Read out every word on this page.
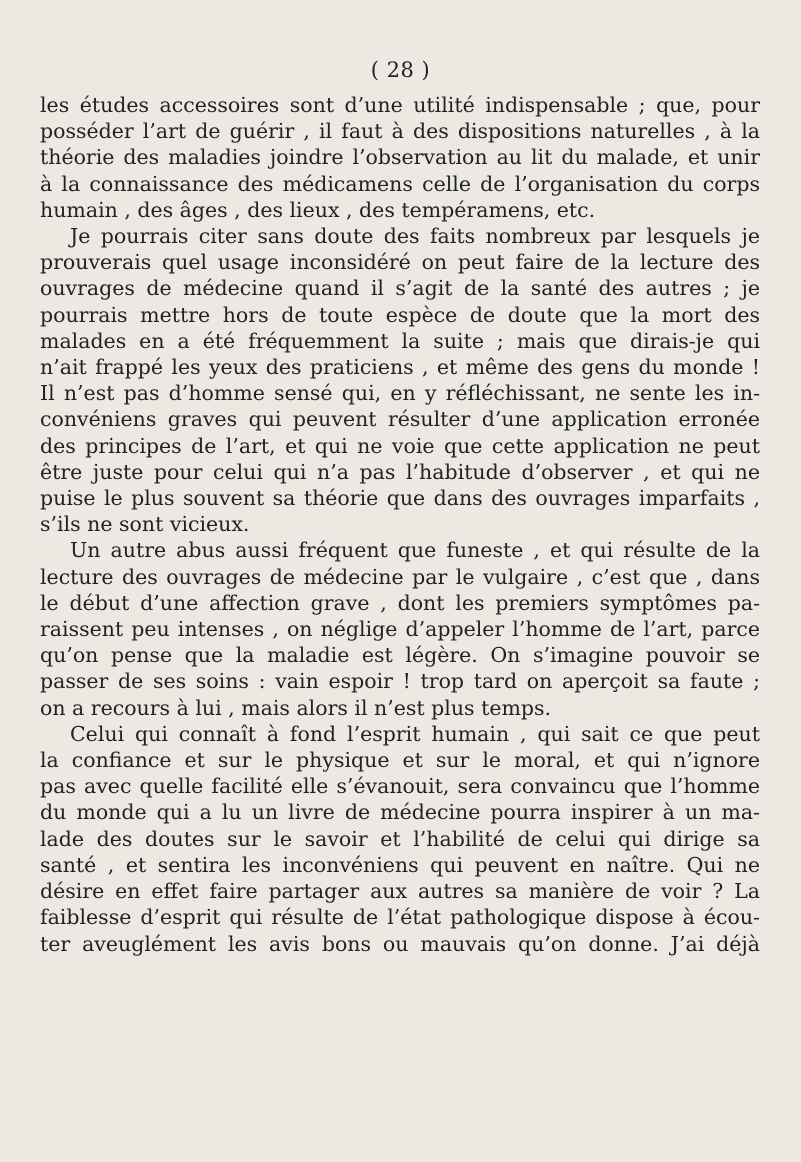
( 28 )
les études accessoires sont d’une utilité indispensable ; que, pour
posséder l’art de guérir , il faut à des dispositions naturelles , à la
théorie des maladies joindre l’observation au lit du malade, et unir
à la connaissance des médicamens celle de l’organisation du corps
humain , des âges , des lieux , des tempéramens, etc.
Je pourrais citer sans doute des faits nombreux par lesquels je
prouverais quel usage inconsidéré on peut faire de la lecture des
ouvrages de médecine quand il s’agit de la santé des autres ; je
pourrais mettre hors de toute espèce de doute que la mort des
malades en a été fréquemment la suite ; mais que dirais-je qui
n’ait frappé les yeux des praticiens , et même des gens du monde !
Il n’est pas d’homme sensé qui, en y réfléchissant, ne sente les in-
convéniens graves qui peuvent résulter d’une application erronée
des principes de l’art, et qui ne voie que cette application ne peut
être juste pour celui qui n’a pas l’habitude d’observer , et qui ne
puise le plus souvent sa théorie que dans des ouvrages imparfaits ,
s’ils ne sont vicieux.
Un autre abus aussi fréquent que funeste , et qui résulte de la
lecture des ouvrages de médecine par le vulgaire , c’est que , dans
le début d’une affection grave , dont les premiers symptômes pa-
raissent peu intenses , on néglige d’appeler l’homme de l’art, parce
qu’on pense que la maladie est légère. On s’imagine pouvoir se
passer de ses soins : vain espoir ! trop tard on aperçoit sa faute ;
on a recours à lui , mais alors il n’est plus temps.
Celui qui connaît à fond l’esprit humain , qui sait ce que peut
la confiance et sur le physique et sur le moral, et qui n’ignore
pas avec quelle facilité elle s’évanouit, sera convaincu que l’homme
du monde qui a lu un livre de médecine pourra inspirer à un ma-
lade des doutes sur le savoir et l’habilité de celui qui dirige sa
santé , et sentira les inconvéniens qui peuvent en naître. Qui ne
désire en effet faire partager aux autres sa manière de voir ? La
faiblesse d’esprit qui résulte de l’état pathologique dispose à écou-
ter aveuglément les avis bons ou mauvais qu’on donne. J’ai déjà
